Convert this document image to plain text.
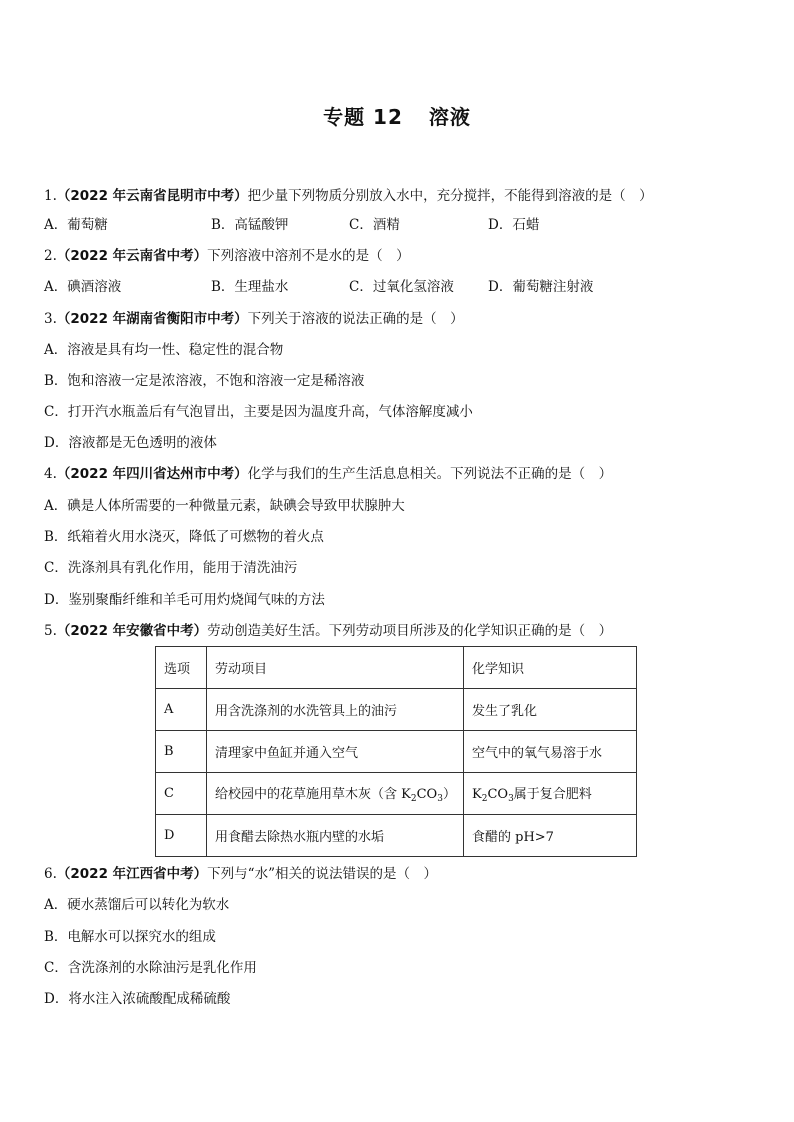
专题 12 溶液
1.（2022 年云南省昆明市中考）把少量下列物质分别放入水中，充分搅拌，不能得到溶液的是（　）
A．葡萄糖	B．高锰酸钾	C．酒精	D．石蜡
2.（2022 年云南省中考）下列溶液中溶剂不是水的是（　）
A．碘酒溶液	B．生理盐水	C．过氧化氢溶液	D．葡萄糖注射液
3.（2022 年湖南省衡阳市中考）下列关于溶液的说法正确的是（　）
A．溶液是具有均一性、稳定性的混合物
B．饱和溶液一定是浓溶液，不饱和溶液一定是稀溶液
C．打开汽水瓶盖后有气泡冒出，主要是因为温度升高，气体溶解度减小
D．溶液都是无色透明的液体
4.（2022 年四川省达州市中考）化学与我们的生产生活息息相关。下列说法不正确的是（　）
A．碘是人体所需要的一种微量元素，缺碘会导致甲状腺肿大
B．纸箱着火用水浇灭，降低了可燃物的着火点
C．洗涤剂具有乳化作用，能用于清洗油污
D．鉴别聚酯纤维和羊毛可用灼烧闻气味的方法
5.（2022 年安徽省中考）劳动创造美好生活。下列劳动项目所涉及的化学知识正确的是（　）
选项	劳动项目	化学知识
A	用含洗涤剂的水洗管具上的油污	发生了乳化
B	清理家中鱼缸并通入空气	空气中的氧气易溶于水
C	给校园中的花草施用草木灰（含 $K_2CO_3$）	$K_2CO_3$属于复合肥料
D	用食醋去除热水瓶内壁的水垢	食醋的 pH>7
6.（2022 年江西省中考）下列与“水”相关的说法错误的是（　）
A．硬水蒸馏后可以转化为软水
B．电解水可以探究水的组成
C．含洗涤剂的水除油污是乳化作用
D．将水注入浓硫酸配成稀硫酸
